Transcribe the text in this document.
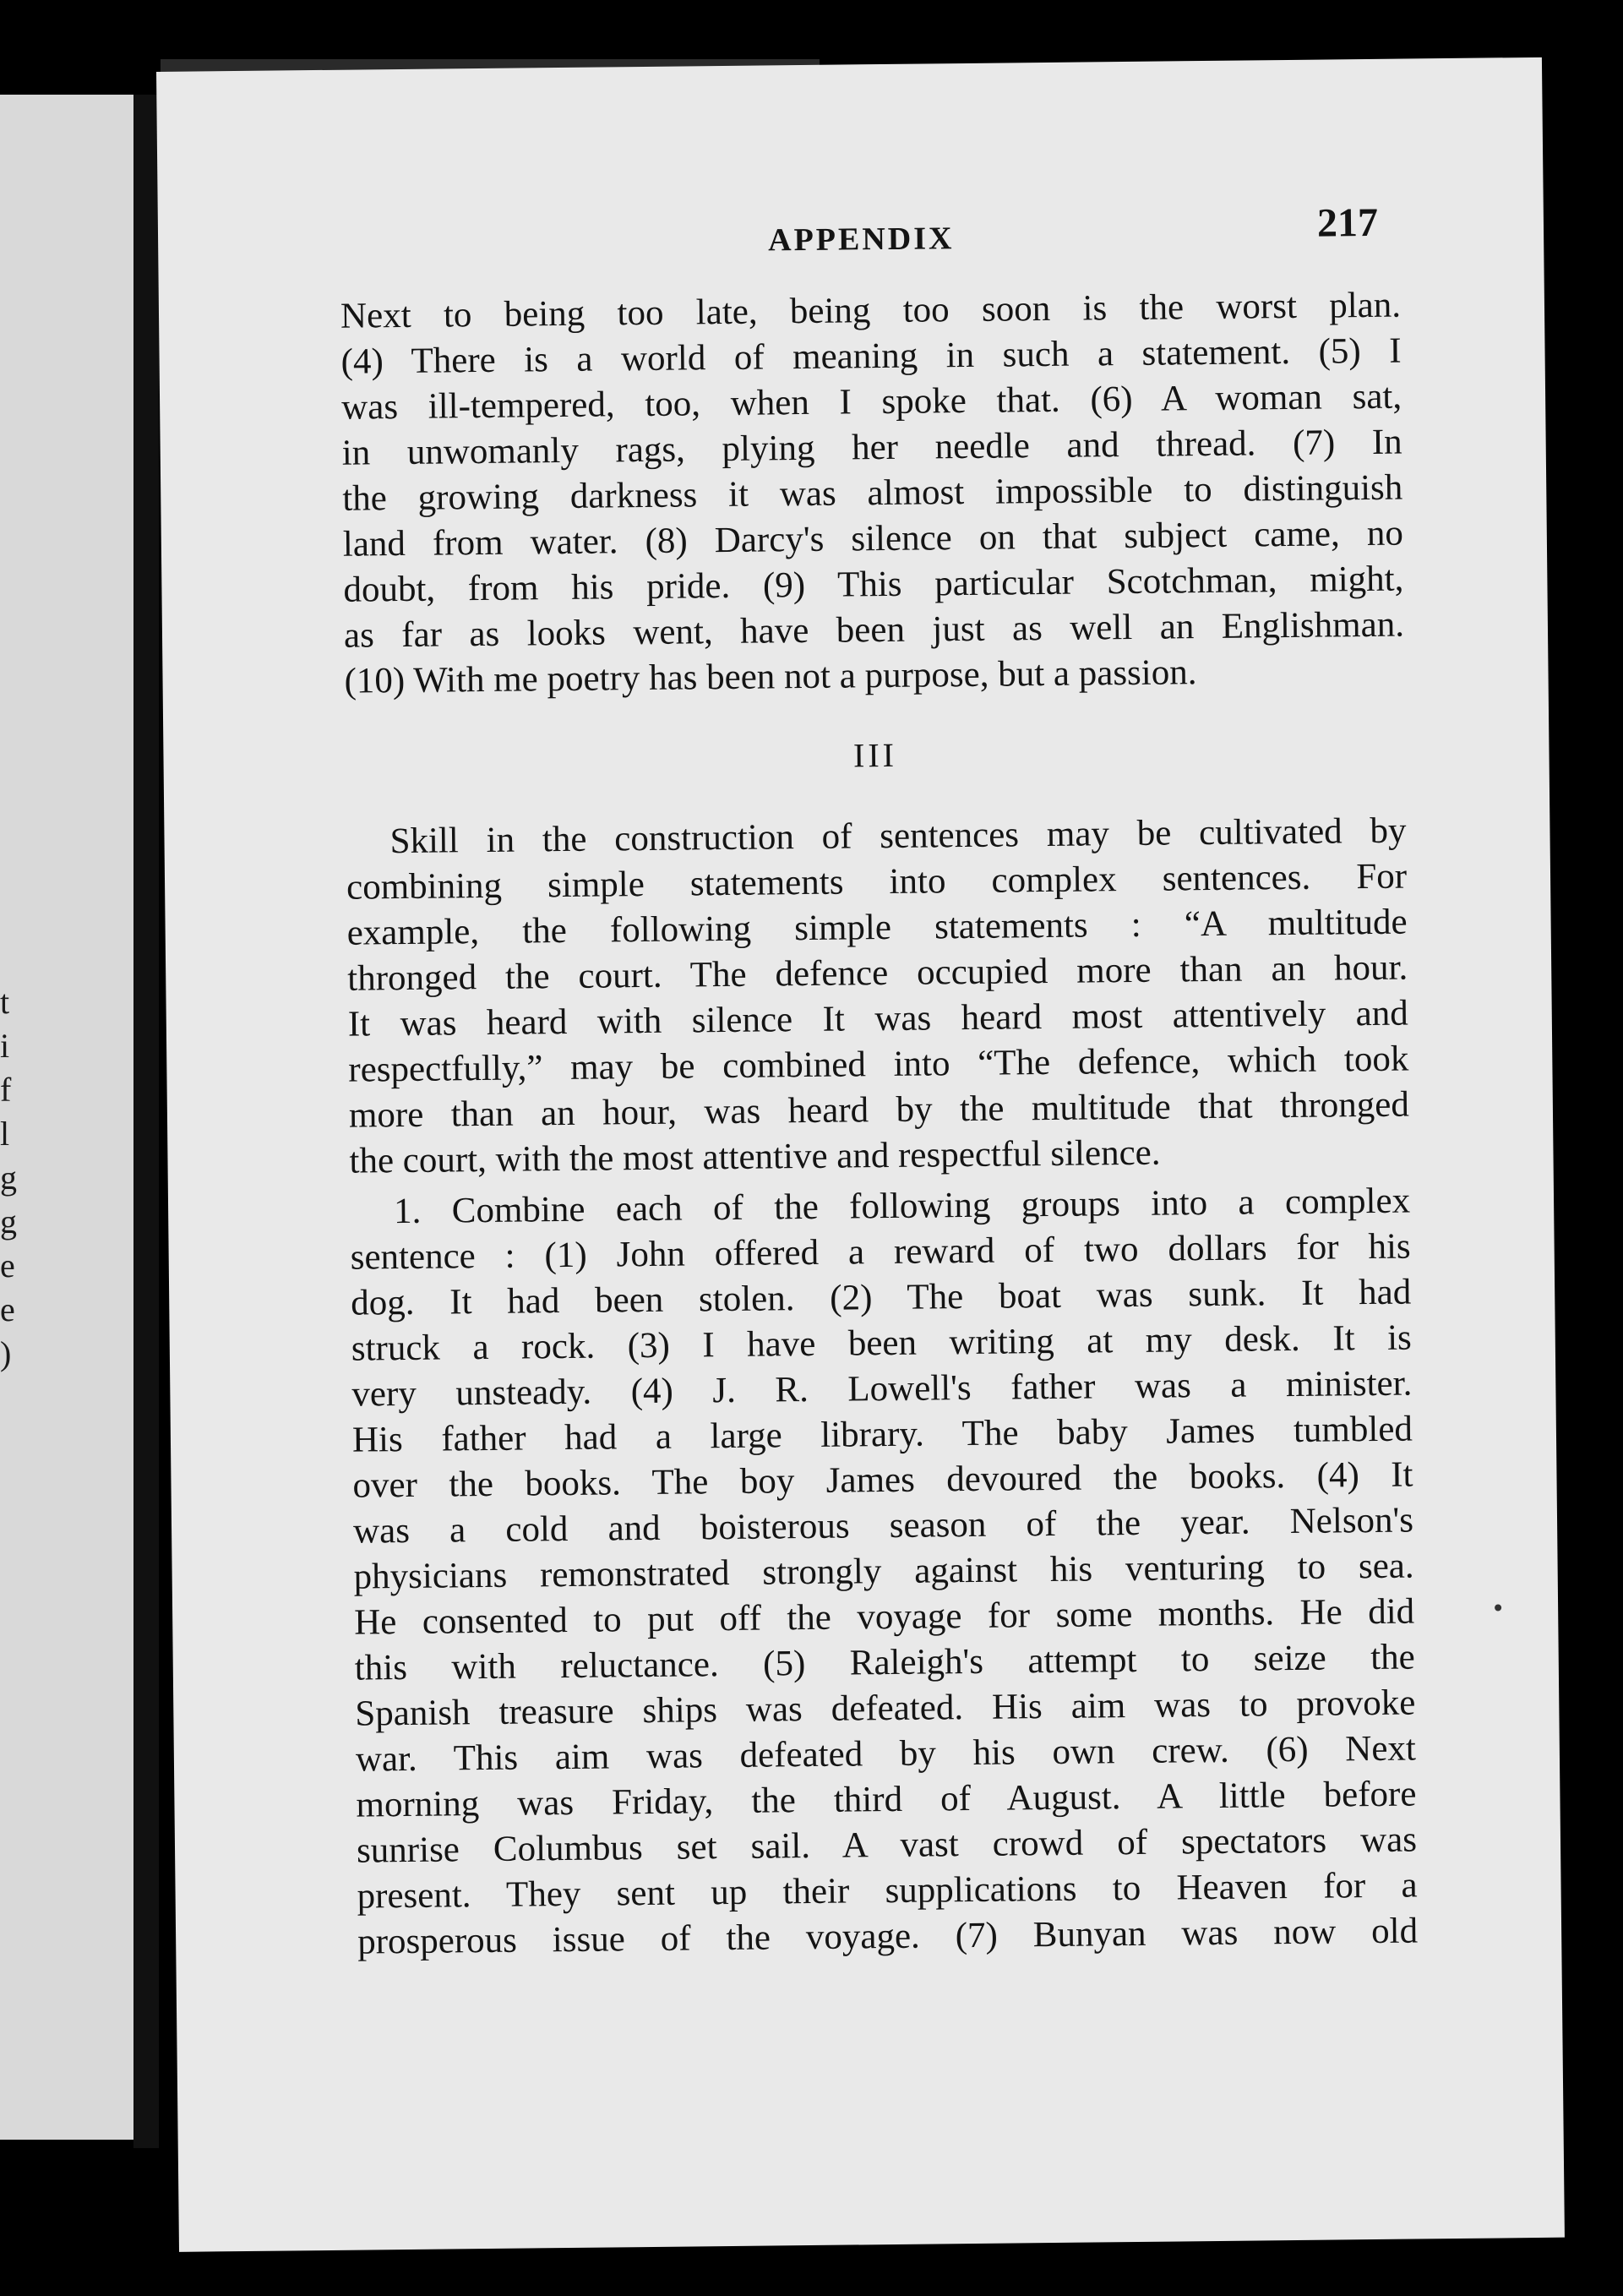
t
i
f
l
g
g
e
e
)
APPENDIX	217
Next to being too late, being too soon is the worst plan.
(4) There is a world of meaning in such a statement. (5) I
was ill-tempered, too, when I spoke that. (6) A woman sat,
in unwomanly rags, plying her needle and thread. (7) In
the growing darkness it was almost impossible to distinguish
land from water. (8) Darcy's silence on that subject came, no
doubt, from his pride. (9) This particular Scotchman, might,
as far as looks went, have been just as well an Englishman.
(10) With me poetry has been not a purpose, but a passion.
III
Skill in the construction of sentences may be cultivated by
combining simple statements into complex sentences. For
example, the following simple statements : “A multitude
thronged the court. The defence occupied more than an hour.
It was heard with silence It was heard most attentively and
respectfully,” may be combined into “The defence, which took
more than an hour, was heard by the multitude that thronged
the court, with the most attentive and respectful silence.
1. Combine each of the following groups into a complex
sentence : (1) John offered a reward of two dollars for his
dog. It had been stolen. (2) The boat was sunk. It had
struck a rock. (3) I have been writing at my desk. It is
very unsteady. (4) J. R. Lowell's father was a minister.
His father had a large library. The baby James tumbled
over the books. The boy James devoured the books. (4) It
was a cold and boisterous season of the year. Nelson's
physicians remonstrated strongly against his venturing to sea.
He consented to put off the voyage for some months. He did
this with reluctance. (5) Raleigh's attempt to seize the
Spanish treasure ships was defeated. His aim was to provoke
war. This aim was defeated by his own crew. (6) Next
morning was Friday, the third of August. A little before
sunrise Columbus set sail. A vast crowd of spectators was
present. They sent up their supplications to Heaven for a
prosperous issue of the voyage. (7) Bunyan was now old
